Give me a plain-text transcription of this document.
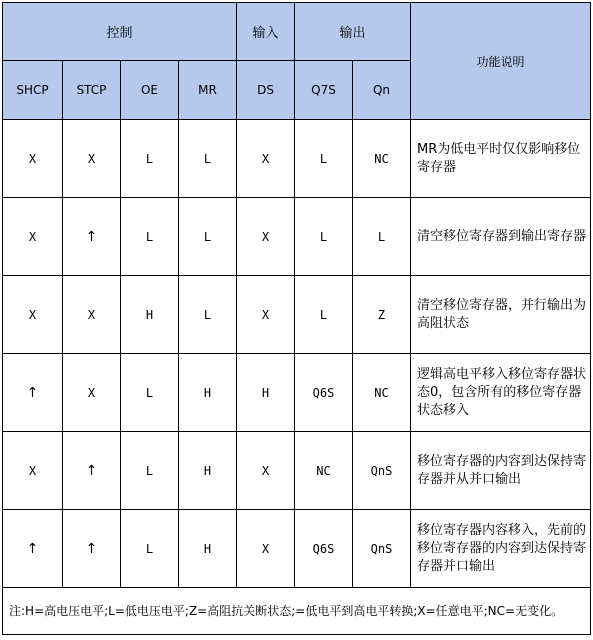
控制				输入	输出		功能说明
SHCP	STCP	OE	MR	DS	Q7S	Qn	
X	X	L	L	X	L	NC	MR为低电平时仅仅影响移位寄存器
X	↑	L	L	X	L	L	清空移位寄存器到输出寄存器
X	X	H	L	X	L	Z	清空移位寄存器，并行输出为高阻状态
↑	X	L	H	H	Q6S	NC	逻辑高电平移入移位寄存器状态0，包含所有的移位寄存器状态移入
X	↑	L	H	X	NC	QnS	移位寄存器的内容到达保持寄存器并从并口输出
↑	↑	L	H	X	Q6S	QnS	移位寄存器内容移入，先前的移位寄存器的内容到达保持寄存器并口输出
注:H=高电压电平;L=低电压电平;Z=高阻抗关断状态;=低电平到高电平转换;X=任意电平;NC=无变化。							
